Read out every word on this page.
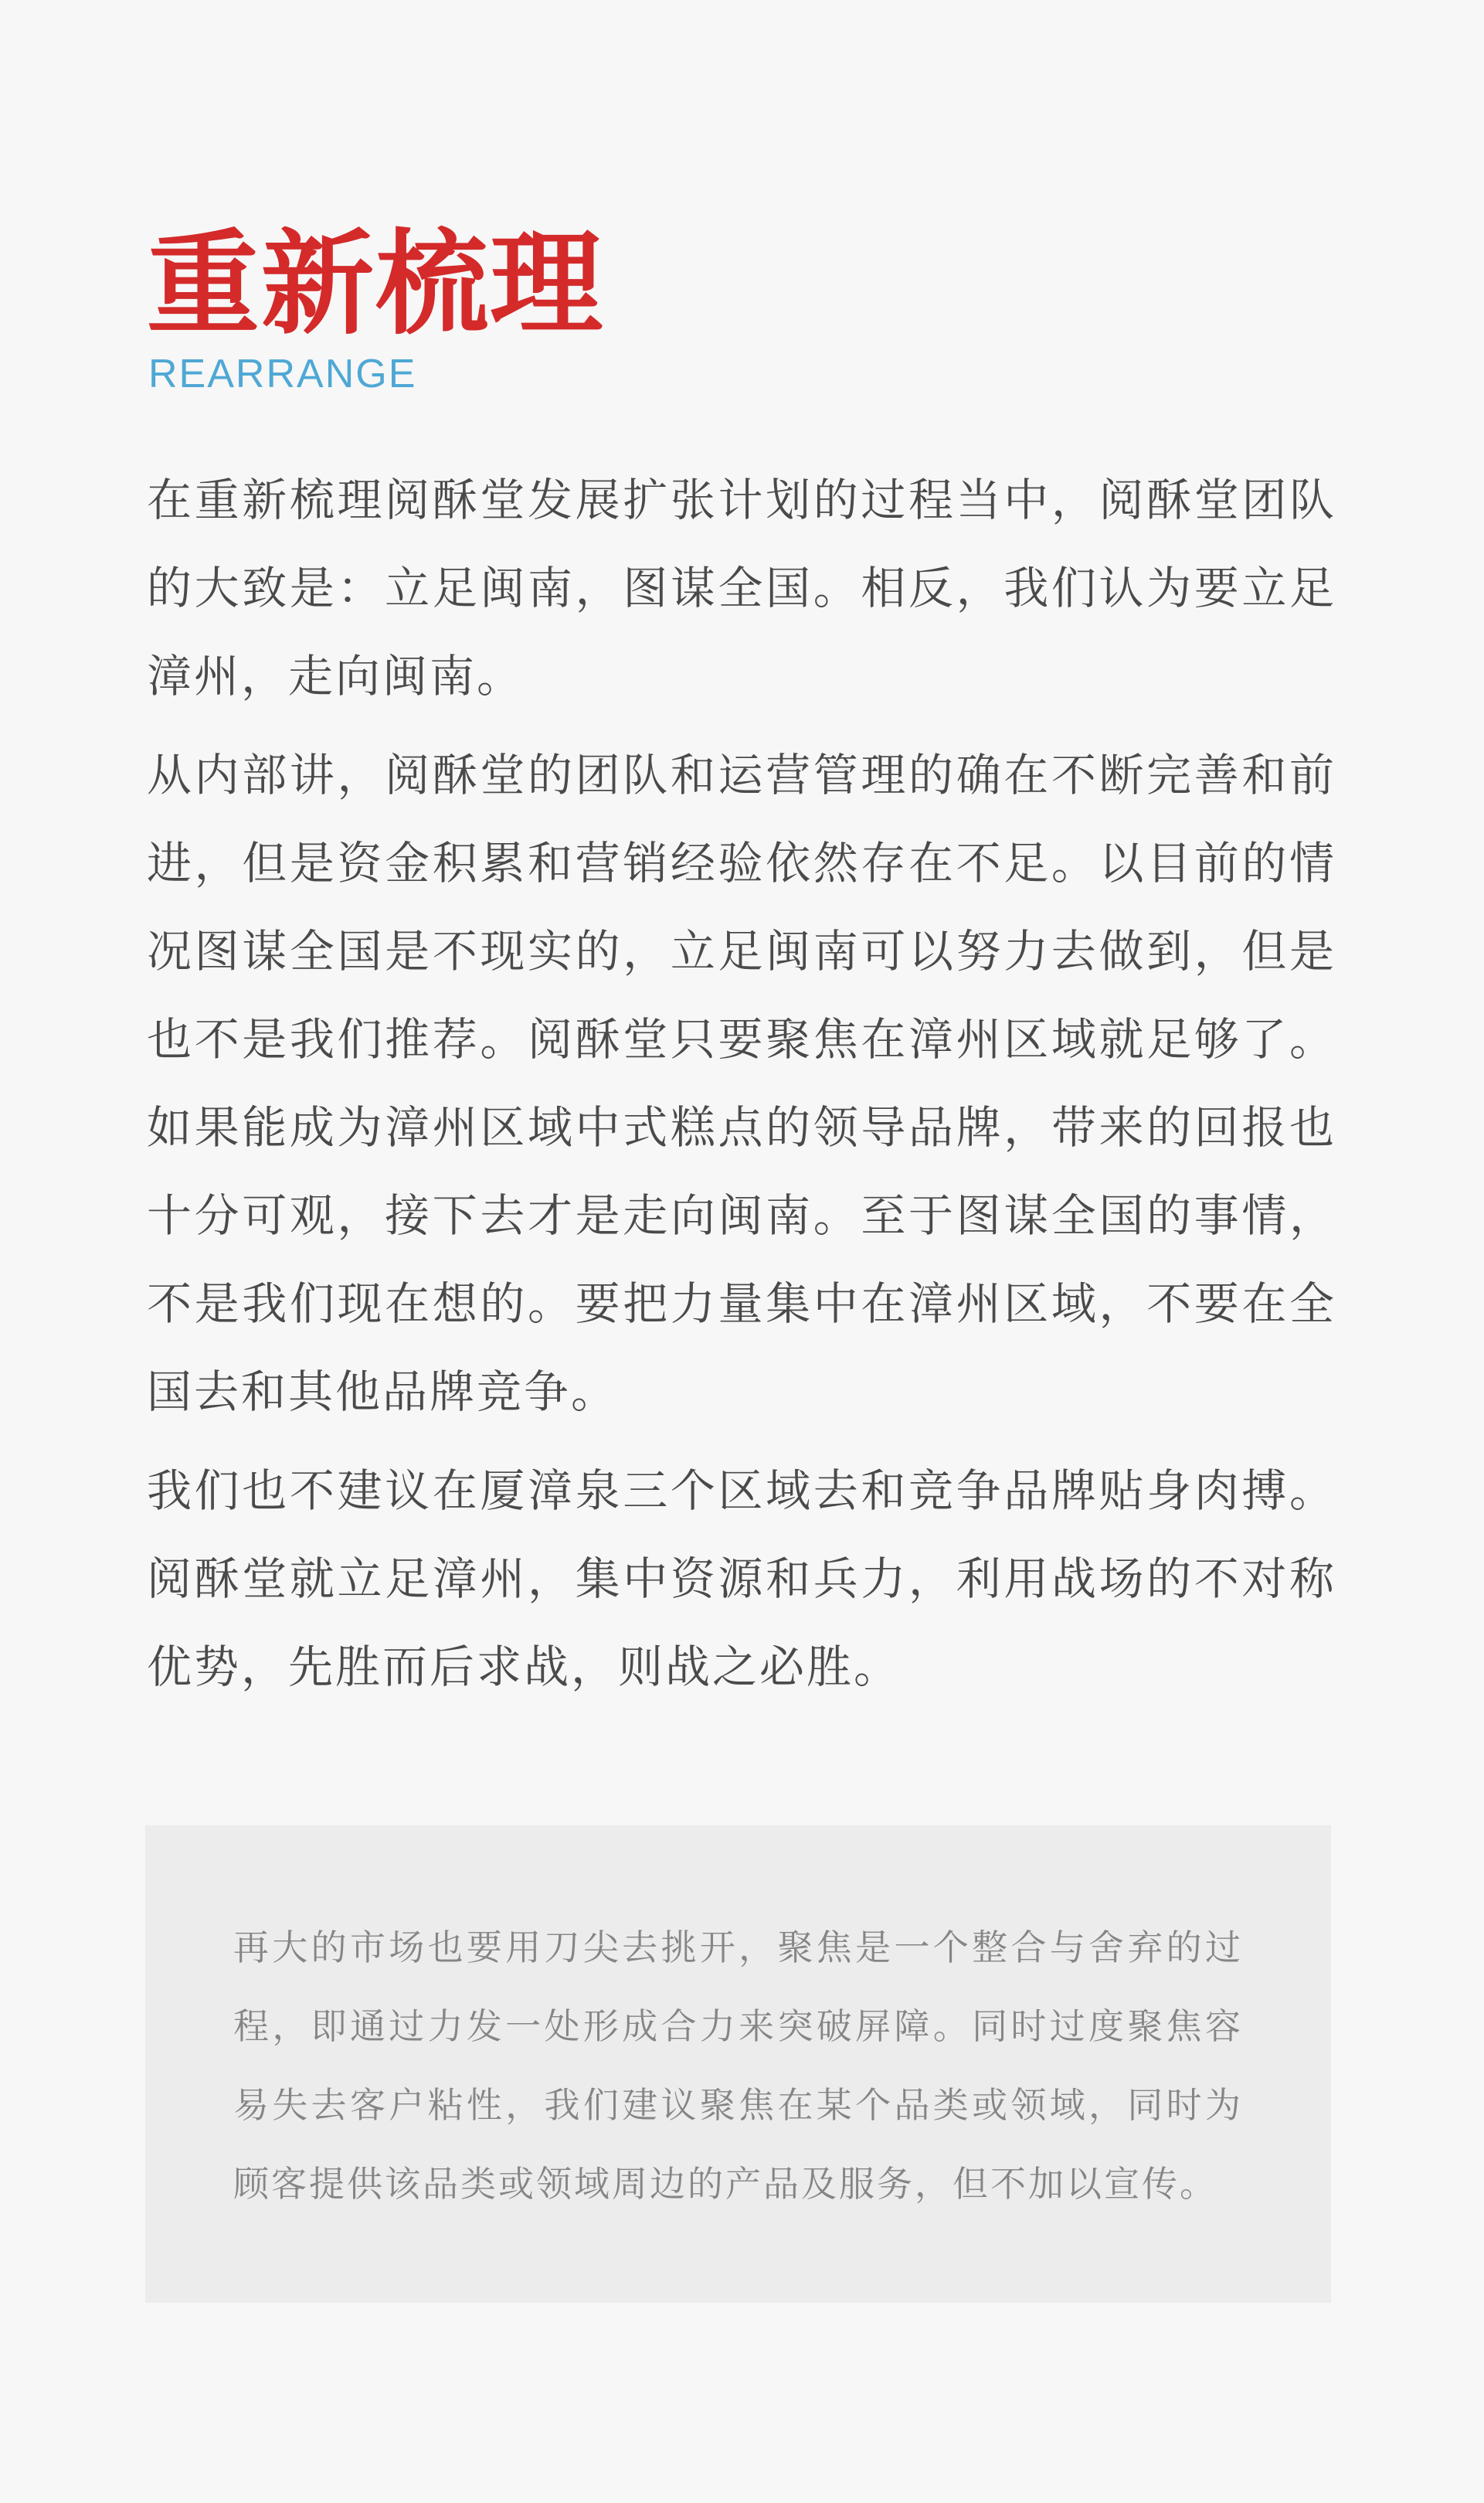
重新梳理
REARRANGE

在重新梳理阅酥堂发展扩张计划的过程当中，阅酥堂团队的大致是：立足闽南，图谋全国。相反，我们认为要立足漳州，走向闽南。

从内部讲，阅酥堂的团队和运营管理的确在不断完善和前进，但是资金积累和营销经验依然存在不足。以目前的情况图谋全国是不现实的，立足闽南可以努力去做到，但是也不是我们推荐。阅酥堂只要聚焦在漳州区域就足够了。如果能成为漳州区域中式糕点的领导品牌，带来的回报也十分可观，接下去才是走向闽南。至于图谋全国的事情，不是我们现在想的。要把力量集中在漳州区域，不要在全国去和其他品牌竞争。

我们也不建议在厦漳泉三个区域去和竞争品牌贴身肉搏。阅酥堂就立足漳州，集中资源和兵力，利用战场的不对称优势，先胜而后求战，则战之必胜。

再大的市场也要用刀尖去挑开，聚焦是一个整合与舍弃的过程，即通过力发一处形成合力来突破屏障。同时过度聚焦容易失去客户粘性，我们建议聚焦在某个品类或领域，同时为顾客提供该品类或领域周边的产品及服务，但不加以宣传。
